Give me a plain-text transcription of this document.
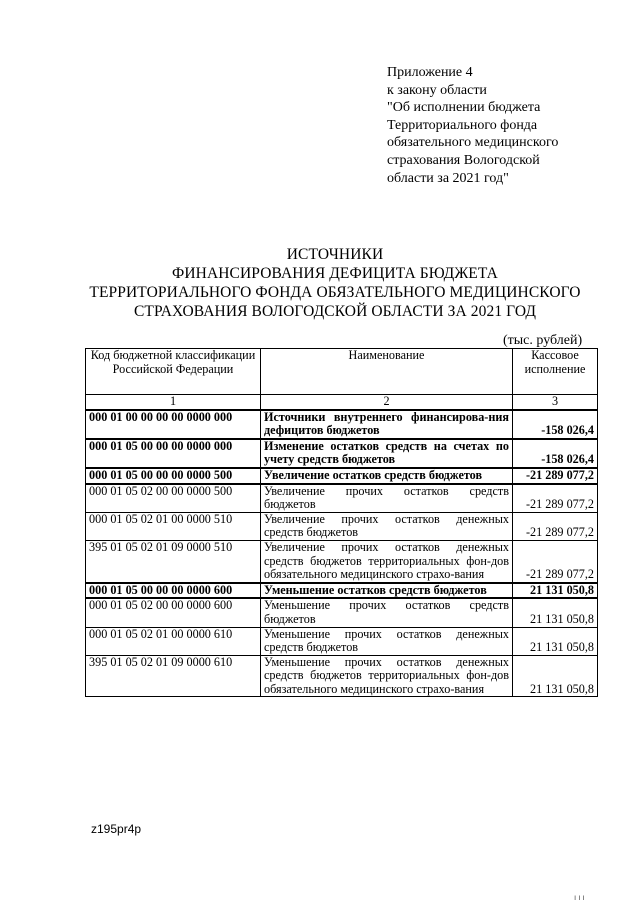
Приложение 4
к закону области
"Об исполнении бюджета
Территориального фонда
обязательного медицинского
страхования Вологодской
области за 2021 год"
ИСТОЧНИКИ
ФИНАНСИРОВАНИЯ ДЕФИЦИТА БЮДЖЕТА
ТЕРРИТОРИАЛЬНОГО ФОНДА ОБЯЗАТЕЛЬНОГО МЕДИЦИНСКОГО
СТРАХОВАНИЯ ВОЛОГОДСКОЙ ОБЛАСТИ ЗА 2021 ГОД
(тыс. рублей)
Код бюджетной классификации Российской Федерации	Наименование	Кассовое исполнение
1	2	3
000 01 00 00 00 00 0000 000	Источники внутреннего финансирова-ния дефицитов бюджетов	-158 026,4
000 01 05 00 00 00 0000 000	Изменение остатков средств на счетах по учету средств бюджетов	-158 026,4
000 01 05 00 00 00 0000 500	Увеличение остатков средств бюджетов	-21 289 077,2
000 01 05 02 00 00 0000 500	Увеличение прочих остатков средств бюджетов	-21 289 077,2
000 01 05 02 01 00 0000 510	Увеличение прочих остатков денежных средств бюджетов	-21 289 077,2
395 01 05 02 01 09 0000 510	Увеличение прочих остатков денежных средств бюджетов территориальных фон-дов обязательного медицинского страхо-вания	-21 289 077,2
000 01 05 00 00 00 0000 600	Уменьшение остатков средств бюджетов	21 131 050,8
000 01 05 02 00 00 0000 600	Уменьшение прочих остатков средств бюджетов	21 131 050,8
000 01 05 02 01 00 0000 610	Уменьшение прочих остатков денежных средств бюджетов	21 131 050,8
395 01 05 02 01 09 0000 610	Уменьшение прочих остатков денежных средств бюджетов территориальных фон-дов обязательного медицинского страхо-вания	21 131 050,8
z195pr4p
ııı
